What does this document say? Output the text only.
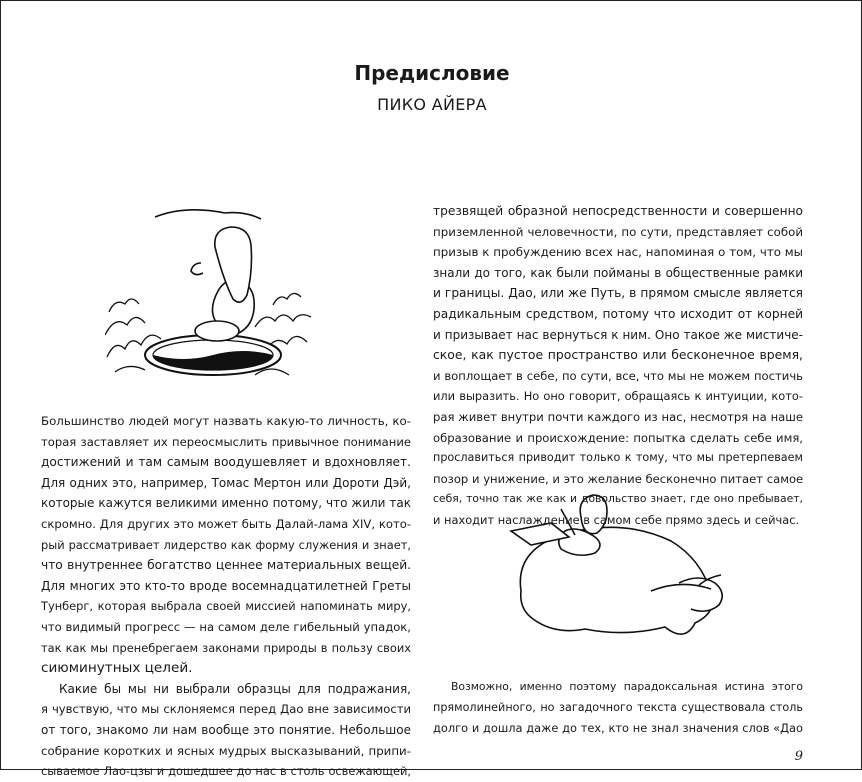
Предисловие
ПИКО АЙЕРА

Большинство людей могут назвать какую-то личность, ко-
торая заставляет их переосмыслить привычное понимание
достижений и там самым воодушевляет и вдохновляет.
Для одних это, например, Томас Мертон или Дороти Дэй,
которые кажутся великими именно потому, что жили так
скромно. Для других это может быть Далай-лама XIV, кото-
рый рассматривает лидерство как форму служения и знает,
что внутреннее богатство ценнее материальных вещей.
Для многих это кто-то вроде восемнадцатилетней Греты
Тунберг, которая выбрала своей миссией напоминать миру,
что видимый прогресс — на самом деле гибельный упадок,
так как мы пренебрегаем законами природы в пользу своих
сиюминутных целей.

Какие бы мы ни выбрали образцы для подражания,
я чувствую, что мы склоняемся перед Дао вне зависимости
от того, знакомо ли нам вообще это понятие. Небольшое
собрание коротких и ясных мудрых высказываний, припи-
сываемое Лао-цзы и дошедшее до нас в столь освежающей,

трезвящей образной непосредственности и совершенно
приземленной человечности, по сути, представляет собой
призыв к пробуждению всех нас, напоминая о том, что мы
знали до того, как были пойманы в общественные рамки
и границы. Дао, или же Путь, в прямом смысле является
радикальным средством, потому что исходит от корней
и призывает нас вернуться к ним. Оно такое же мистиче-
ское, как пустое пространство или бесконечное время,
и воплощает в себе, по сути, все, что мы не можем постичь
или выразить. Но оно говорит, обращаясь к интуиции, кото-
рая живет внутри почти каждого из нас, несмотря на наше
образование и происхождение: попытка сделать себе имя,
прославиться приводит только к тому, что мы претерпеваем
позор и унижение, и это желание бесконечно питает самое
себя, точно так же как и довольство знает, где оно пребывает,
и находит наслаждение в самом себе прямо здесь и сейчас.

Возможно, именно поэтому парадоксальная истина этого
прямолинейного, но загадочного текста существовала столь
долго и дошла даже до тех, кто не знал значения слов «Дао

9
